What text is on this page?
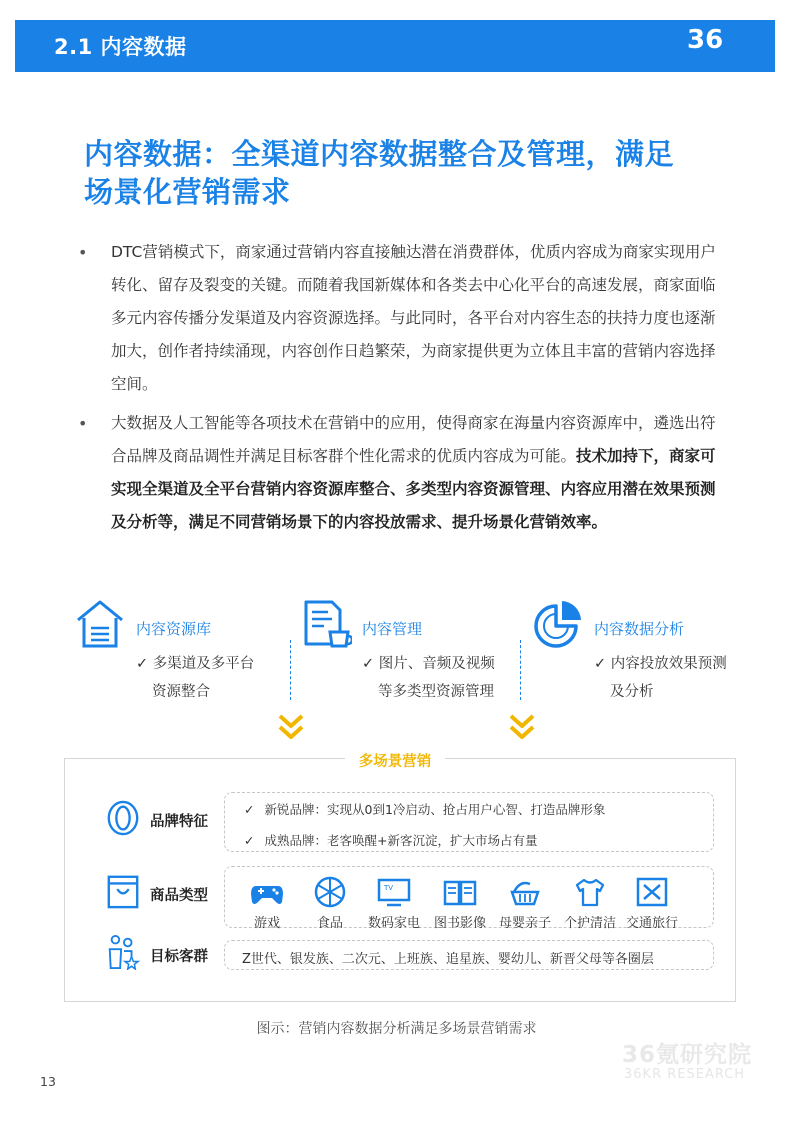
2.1 内容数据	36
内容数据：全渠道内容数据整合及管理，满足
场景化营销需求
• DTC营销模式下，商家通过营销内容直接触达潜在消费群体，优质内容成为商家实现用户转化、留存及裂变的关键。而随着我国新媒体和各类去中心化平台的高速发展，商家面临多元内容传播分发渠道及内容资源选择。与此同时，各平台对内容生态的扶持力度也逐渐加大，创作者持续涌现，内容创作日趋繁荣，为商家提供更为立体且丰富的营销内容选择空间。
• 大数据及人工智能等各项技术在营销中的应用，使得商家在海量内容资源库中，遴选出符合品牌及商品调性并满足目标客群个性化需求的优质内容成为可能。技术加持下，商家可实现全渠道及全平台营销内容资源库整合、多类型内容资源管理、内容应用潜在效果预测及分析等，满足不同营销场景下的内容投放需求、提升场景化营销效率。
内容资源库
✓ 多渠道及多平台
资源整合
内容管理
✓ 图片、音频及视频
等多类型资源管理
内容数据分析
✓ 内容投放效果预测
及分析
多场景营销
品牌特征
✓ 新锐品牌：实现从0到1冷启动、抢占用户心智、打造品牌形象
✓ 成熟品牌：老客唤醒+新客沉淀，扩大市场占有量
商品类型
游戏	食品
TV
数码家电	图书影像 母婴亲子 个护清洁 交通旅行
目标客群	Z世代、银发族、二次元、上班族、追星族、婴幼儿、新晋父母等各圈层
图示：营销内容数据分析满足多场景营销需求
36氪研究院
36KR RESEARCH
13
